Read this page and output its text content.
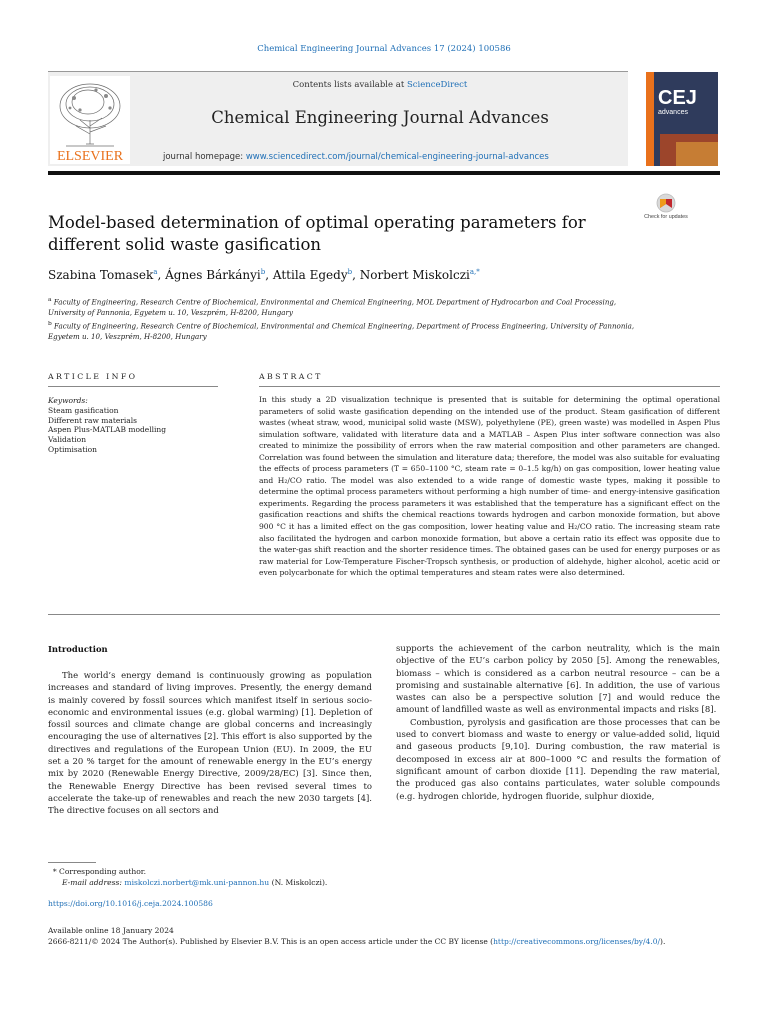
Chemical Engineering Journal Advances 17 (2024) 100586
ELSEVIER
Contents lists available at ScienceDirect
Chemical Engineering Journal Advances
journal homepage: www.sciencedirect.com/journal/chemical-engineering-journal-advances
CEJ
advances
Model-based determination of optimal operating parameters for different solid waste gasification
Check for updates
Szabina Tomasek$^a$, Ágnes Bárkányi$^b$, Attila Egedy$^b$, Norbert Miskolczi$^{a,*}$
$^a$ Faculty of Engineering, Research Centre of Biochemical, Environmental and Chemical Engineering, MOL Department of Hydrocarbon and Coal Processing, University of Pannonia, Egyetem u. 10, Veszprém, H-8200, Hungary
$^b$ Faculty of Engineering, Research Centre of Biochemical, Environmental and Chemical Engineering, Department of Process Engineering, University of Pannonia, Egyetem u. 10, Veszprém, H-8200, Hungary
ARTICLE INFO	ABSTRACT
Keywords:
Steam gasification
Different raw materials
Aspen Plus-MATLAB modelling
Validation
Optimisation
In this study a 2D visualization technique is presented that is suitable for determining the optimal operational parameters of solid waste gasification depending on the intended use of the product. Steam gasification of different wastes (wheat straw, wood, municipal solid waste (MSW), polyethylene (PE), green waste) was modelled in Aspen Plus simulation software, validated with literature data and a MATLAB – Aspen Plus inter software connection was also created to minimize the possibility of errors when the raw material composition and other parameters are changed. Correlation was found between the simulation and literature data; therefore, the model was also suitable for evaluating the effects of process parameters (T = 650–1100 °C, steam rate = 0–1.5 kg/h) on gas composition, lower heating value and H₂/CO ratio. The model was also extended to a wide range of domestic waste types, making it possible to determine the optimal process parameters without performing a high number of time- and energy-intensive gasification experiments. Regarding the process parameters it was established that the temperature has a significant effect on the gasification reactions and shifts the chemical reactions towards hydrogen and carbon monoxide formation, but above 900 °C it has a limited effect on the gas composition, lower heating value and H₂/CO ratio. The increasing steam rate also facilitated the hydrogen and carbon monoxide formation, but above a certain ratio its effect was opposite due to the water-gas shift reaction and the shorter residence times. The obtained gases can be used for energy purposes or as raw material for Low-Temperature Fischer-Tropsch synthesis, or production of aldehyde, higher alcohol, acetic acid or even polycarbonate for which the optimal temperatures and steam rates were also determined.
Introduction

The world’s energy demand is continuously growing as population increases and standard of living improves. Presently, the energy demand is mainly covered by fossil sources which manifest itself in serious socio-economic and environmental issues (e.g. global warming) [1]. Depletion of fossil sources and climate change are global concerns and increasingly encouraging the use of alternatives [2]. This effort is also supported by the directives and regulations of the European Union (EU). In 2009, the EU set a 20 % target for the amount of renewable energy in the EU’s energy mix by 2020 (Renewable Energy Directive, 2009/28/EC) [3]. Since then, the Renewable Energy Directive has been revised several times to accelerate the take-up of renewables and reach the new 2030 targets [4]. The directive focuses on all sectors and

supports the achievement of the carbon neutrality, which is the main objective of the EU’s carbon policy by 2050 [5]. Among the renewables, biomass – which is considered as a carbon neutral resource – can be a promising and sustainable alternative [6]. In addition, the use of various wastes can also be a perspective solution [7] and would reduce the amount of landfilled waste as well as environmental impacts and risks [8].

Combustion, pyrolysis and gasification are those processes that can be used to convert biomass and waste to energy or value-added solid, liquid and gaseous products [9,10]. During combustion, the raw material is decomposed in excess air at 800–1000 °C and results the formation of significant amount of carbon dioxide [11]. Depending the raw material, the produced gas also contains particulates, water soluble compounds (e.g. hydrogen chloride, hydrogen fluoride, sulphur dioxide,

* Corresponding author.
E-mail address: miskolczi.norbert@mk.uni-pannon.hu (N. Miskolczi).
https://doi.org/10.1016/j.ceja.2024.100586
Available online 18 January 2024
2666-8211/© 2024 The Author(s). Published by Elsevier B.V. This is an open access article under the CC BY license (http://creativecommons.org/licenses/by/4.0/).
